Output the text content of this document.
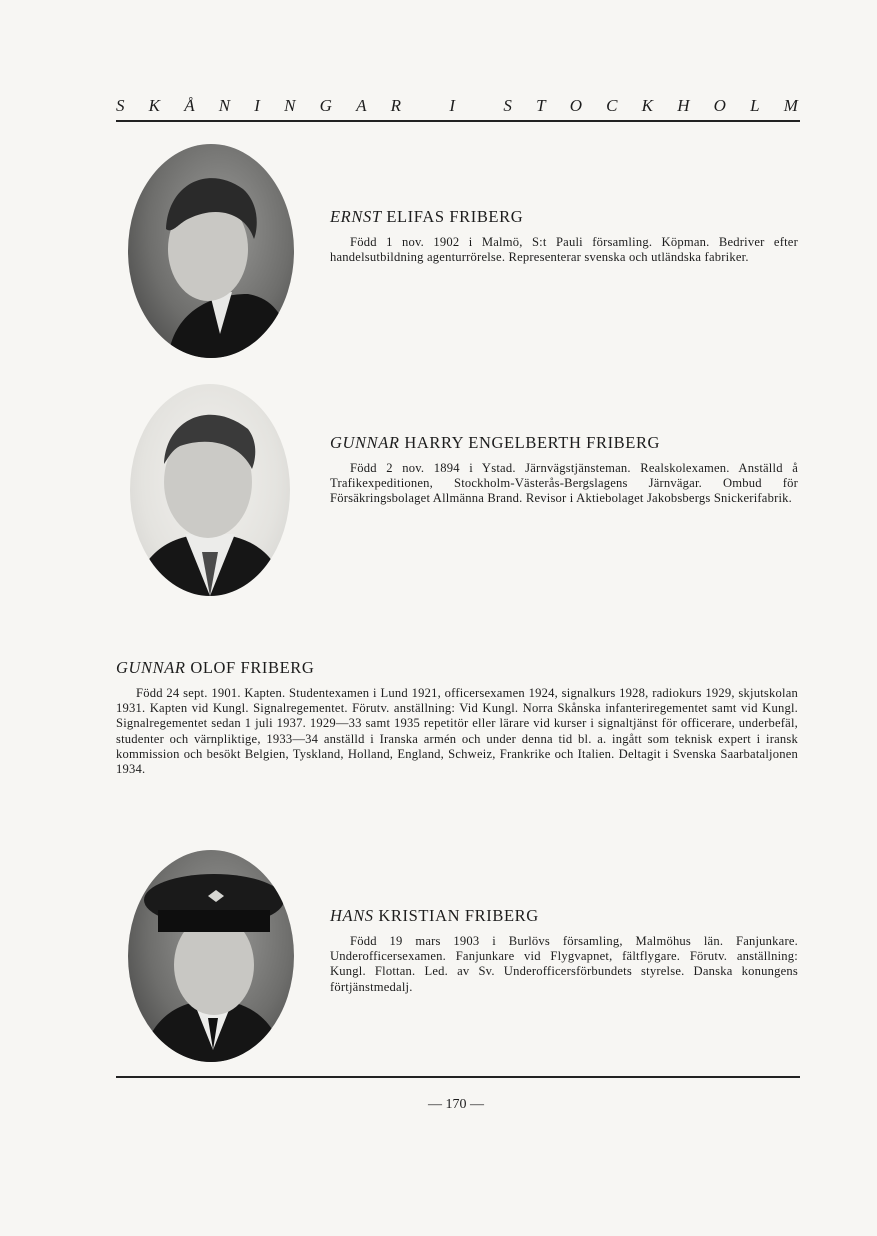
S K Å N I N G A R	I	S T O C K H O L M

ERNST ELIFAS FRIBERG

Född 1 nov. 1902 i Malmö, S:t Pauli församling. Köpman. Bedriver efter handelsutbildning agenturrörelse. Representerar svenska och utländska fabriker.

GUNNAR HARRY ENGELBERTH FRIBERG

Född 2 nov. 1894 i Ystad. Järnvägstjänsteman. Realskolexamen. Anställd å Trafikexpeditionen, Stockholm-Västerås-Bergslagens Järnvägar. Ombud för Försäkringsbolaget Allmänna Brand. Revisor i Aktiebolaget Jakobsbergs Snickerifabrik.

GUNNAR OLOF FRIBERG

Född 24 sept. 1901. Kapten. Studentexamen i Lund 1921, officersexamen 1924, signalkurs 1928, radiokurs 1929, skjutskolan 1931. Kapten vid Kungl. Signalregementet. Förutv. anställning: Vid Kungl. Norra Skånska infanteriregementet samt vid Kungl. Signalregementet sedan 1 juli 1937. 1929—33 samt 1935 repetitör eller lärare vid kurser i signaltjänst för officerare, underbefäl, studenter och värnpliktige, 1933—34 anställd i Iranska armén och under denna tid bl. a. ingått som teknisk expert i iransk kommission och besökt Belgien, Tyskland, Holland, England, Schweiz, Frankrike och Italien. Deltagit i Svenska Saarbataljonen 1934.

HANS KRISTIAN FRIBERG

Född 19 mars 1903 i Burlövs församling, Malmöhus län. Fanjunkare. Underofficersexamen. Fanjunkare vid Flygvapnet, fältflygare. Förutv. anställning: Kungl. Flottan. Led. av Sv. Underofficersförbundets styrelse. Danska konungens förtjänstmedalj.

— 170 —
